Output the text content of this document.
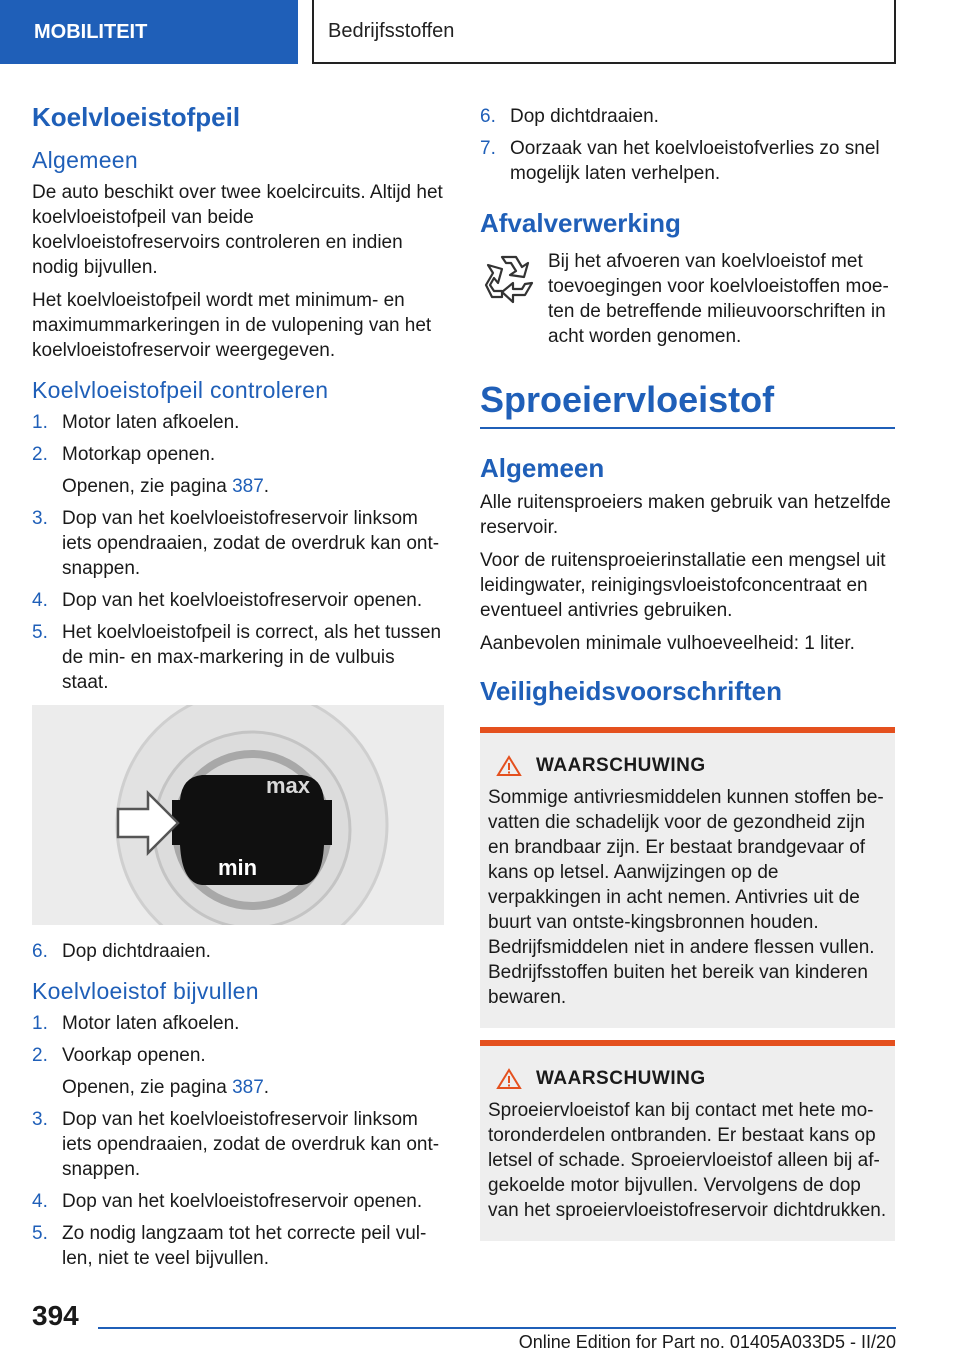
MOBILITEIT	Bedrijfsstoffen
Koelvloeistofpeil
Algemeen

De auto beschikt over twee koelcircuits. Altijd het koelvloeistofpeil van beide koelvloeistofreservoirs controleren en indien nodig bijvullen.

Het koelvloeistofpeil wordt met minimum- en maximummarkeringen in de vulopening van het koelvloeistofreservoir weergegeven.

Koelvloeistofpeil controleren
1. Motor laten afkoelen.
2. Motorkap openen.
Openen, zie pagina 387.
3. Dop van het koelvloeistofreservoir linksom iets opendraaien, zodat de overdruk kan ont-snappen.
4. Dop van het koelvloeistofreservoir openen.
5. Het koelvloeistofpeil is correct, als het tussen de min- en max-markering in de vulbuis staat.
max
min
6. Dop dichtdraaien.
Koelvloeistof bijvullen
1. Motor laten afkoelen.
2. Voorkap openen.
Openen, zie pagina 387.
3. Dop van het koelvloeistofreservoir linksom iets opendraaien, zodat de overdruk kan ont-snappen.
4. Dop van het koelvloeistofreservoir openen.
5. Zo nodig langzaam tot het correcte peil vul-len, niet te veel bijvullen.
6. Dop dichtdraaien.
7. Oorzaak van het koelvloeistofverlies zo snel mogelijk laten verhelpen.
Afvalverwerking

Bij het afvoeren van koelvloeistof met toevoegingen voor koelvloeistoffen moe-ten de betreffende milieuvoorschriften in acht worden genomen.

Sproeiervloeistof
Algemeen

Alle ruitensproeiers maken gebruik van hetzelfde reservoir.

Voor de ruitensproeierinstallatie een mengsel uit leidingwater, reinigingsvloeistofconcentraat en eventueel antivries gebruiken.

Aanbevolen minimale vulhoeveelheid: 1 liter.

Veiligheidsvoorschriften
WAARSCHUWING

Sommige antivriesmiddelen kunnen stoffen be-vatten die schadelijk voor de gezondheid zijn en brandbaar zijn. Er bestaat brandgevaar of kans op letsel. Aanwijzingen op de verpakkingen in acht nemen. Antivries uit de buurt van ontste-kingsbronnen houden. Bedrijfsmiddelen niet in andere flessen vullen. Bedrijfsstoffen buiten het bereik van kinderen bewaren.

WAARSCHUWING

Sproeiervloeistof kan bij contact met hete mo-toronderdelen ontbranden. Er bestaat kans op letsel of schade. Sproeiervloeistof alleen bij af-gekoelde motor bijvullen. Vervolgens de dop van het sproeiervloeistofreservoir dichtdrukken.

394
Online Edition for Part no. 01405A033D5 - II/20
